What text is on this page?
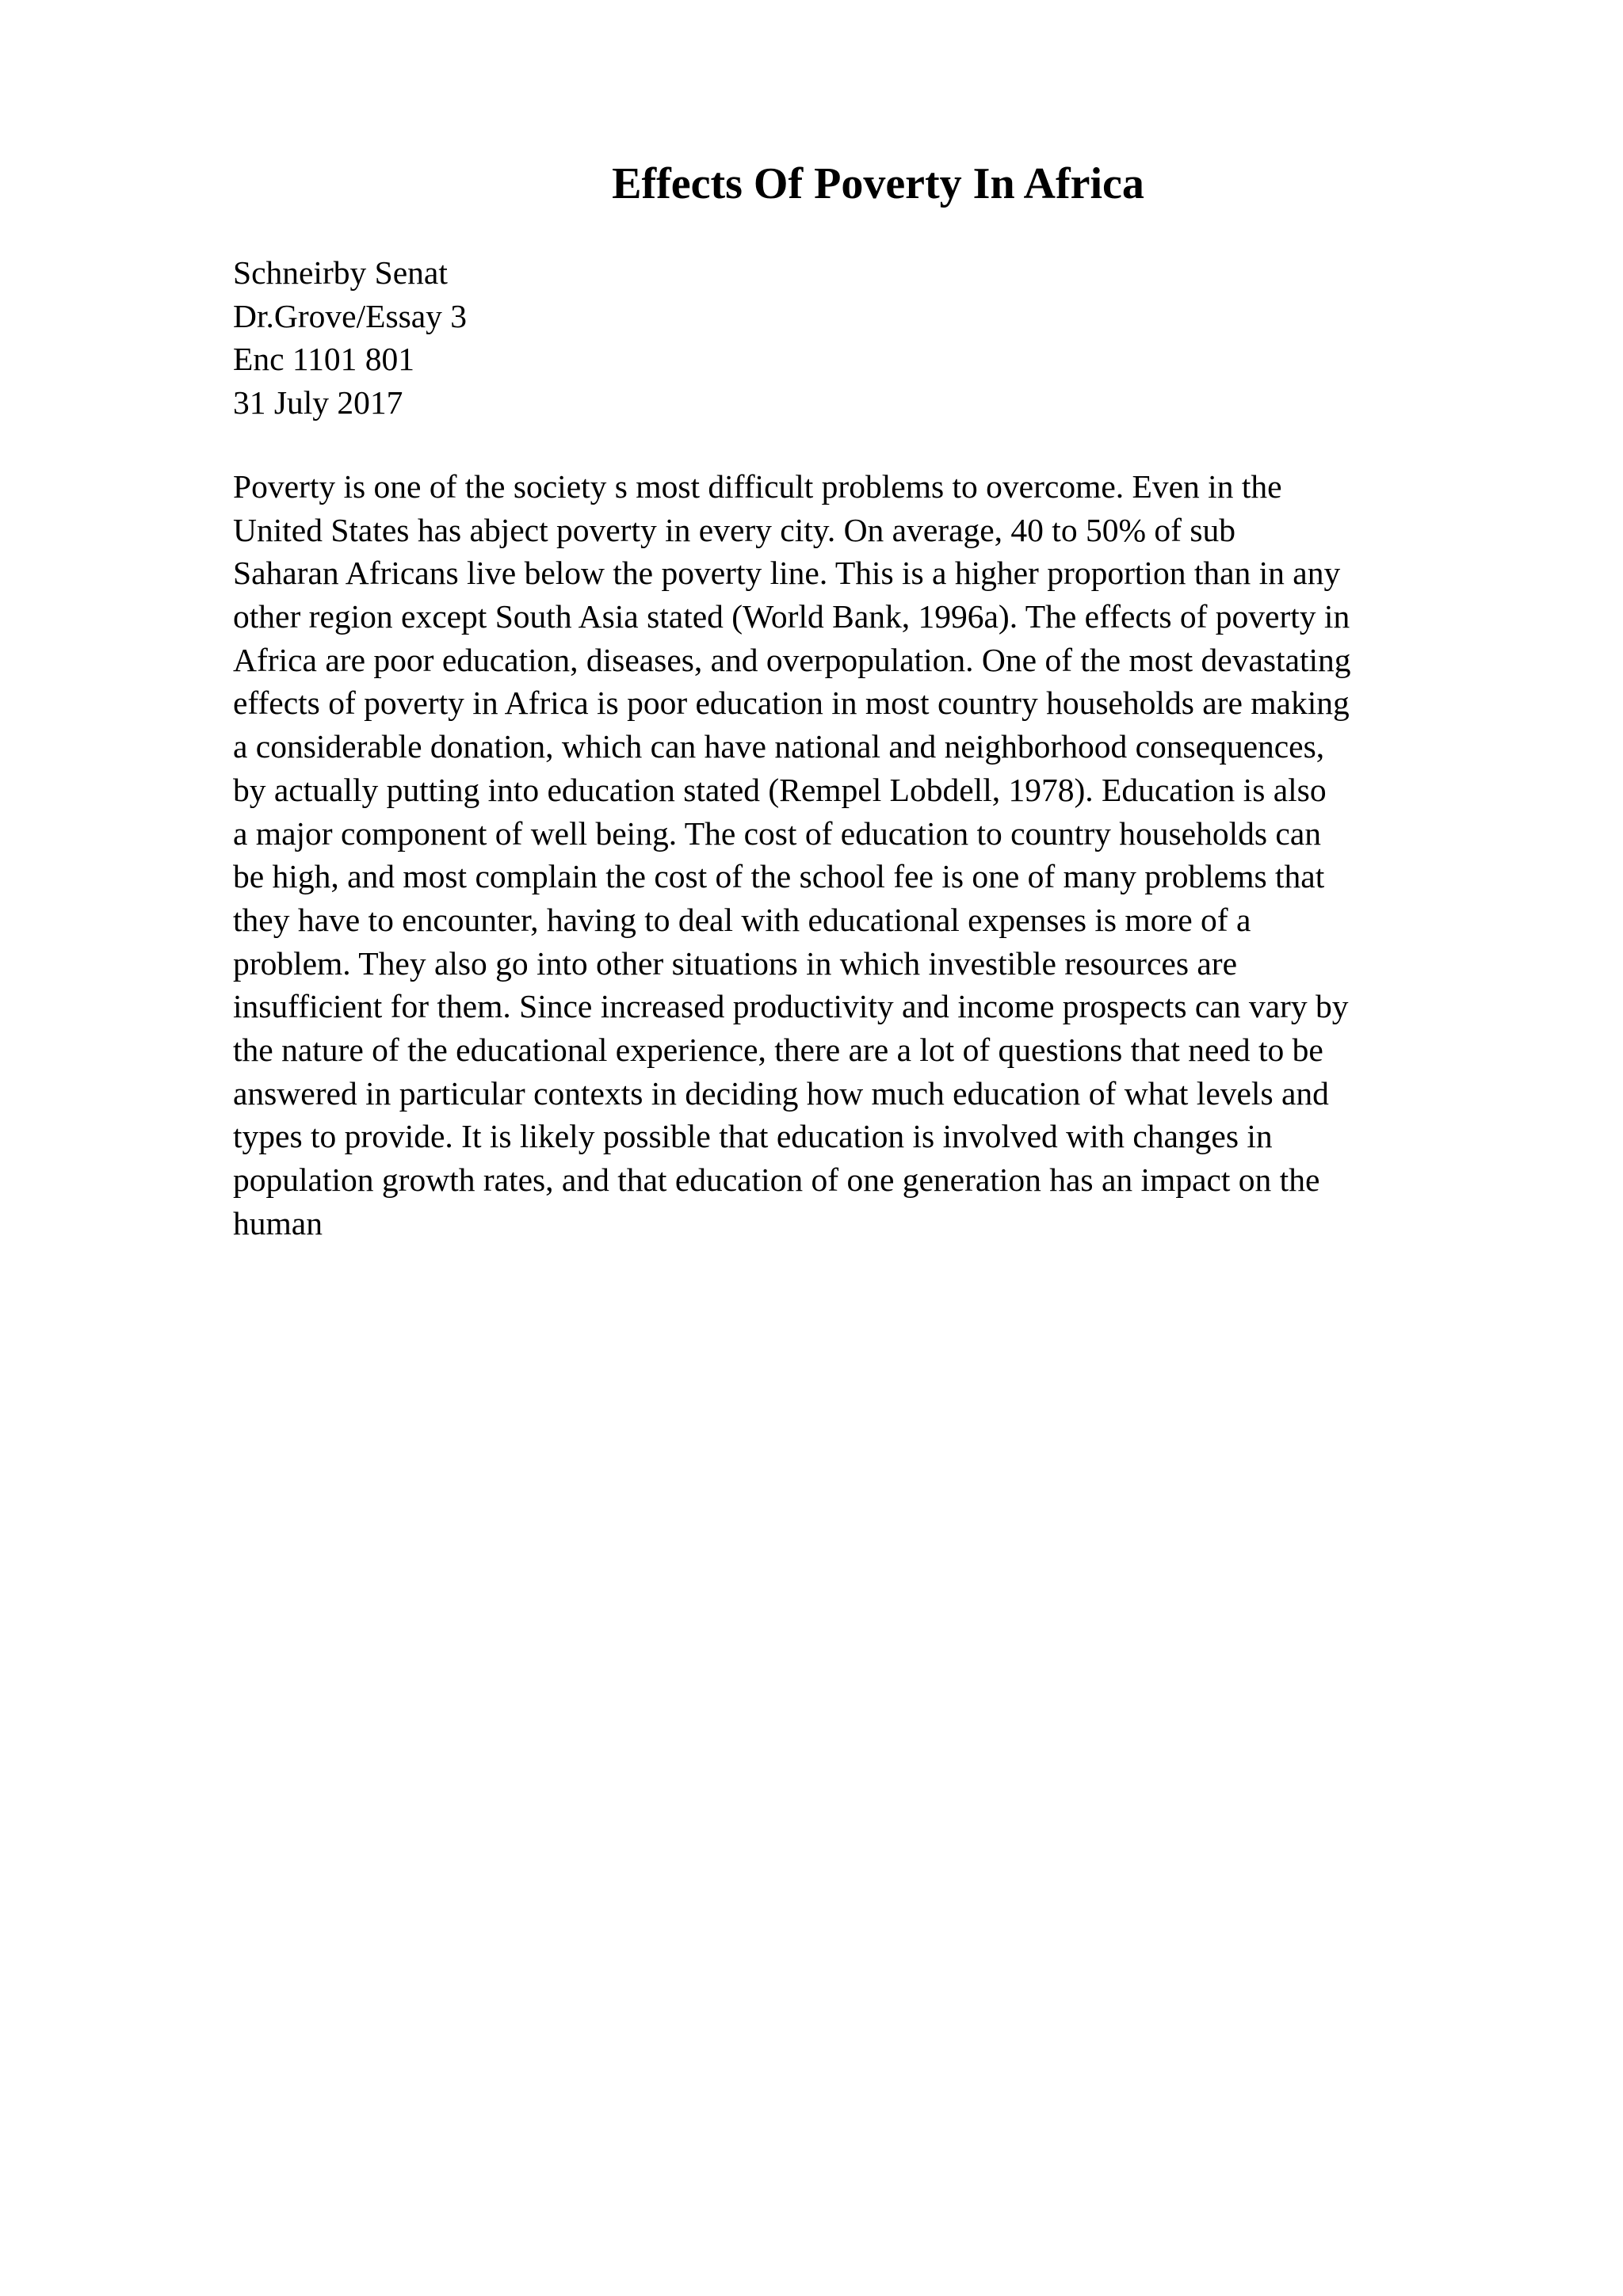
Effects Of Poverty In Africa
Schneirby Senat
Dr.Grove/Essay 3
Enc 1101 801
31 July 2017
Poverty is one of the society s most difficult problems to overcome. Even in the
United States has abject poverty in every city. On average, 40 to 50% of sub
Saharan Africans live below the poverty line. This is a higher proportion than in any
other region except South Asia stated (World Bank, 1996a). The effects of poverty in
Africa are poor education, diseases, and overpopulation. One of the most devastating
effects of poverty in Africa is poor education in most country households are making
a considerable donation, which can have national and neighborhood consequences,
by actually putting into education stated (Rempel Lobdell, 1978). Education is also
a major component of well being. The cost of education to country households can
be high, and most complain the cost of the school fee is one of many problems that
they have to encounter, having to deal with educational expenses is more of a
problem. They also go into other situations in which investible resources are
insufficient for them. Since increased productivity and income prospects can vary by
the nature of the educational experience, there are a lot of questions that need to be
answered in particular contexts in deciding how much education of what levels and
types to provide. It is likely possible that education is involved with changes in
population growth rates, and that education of one generation has an impact on the
human
